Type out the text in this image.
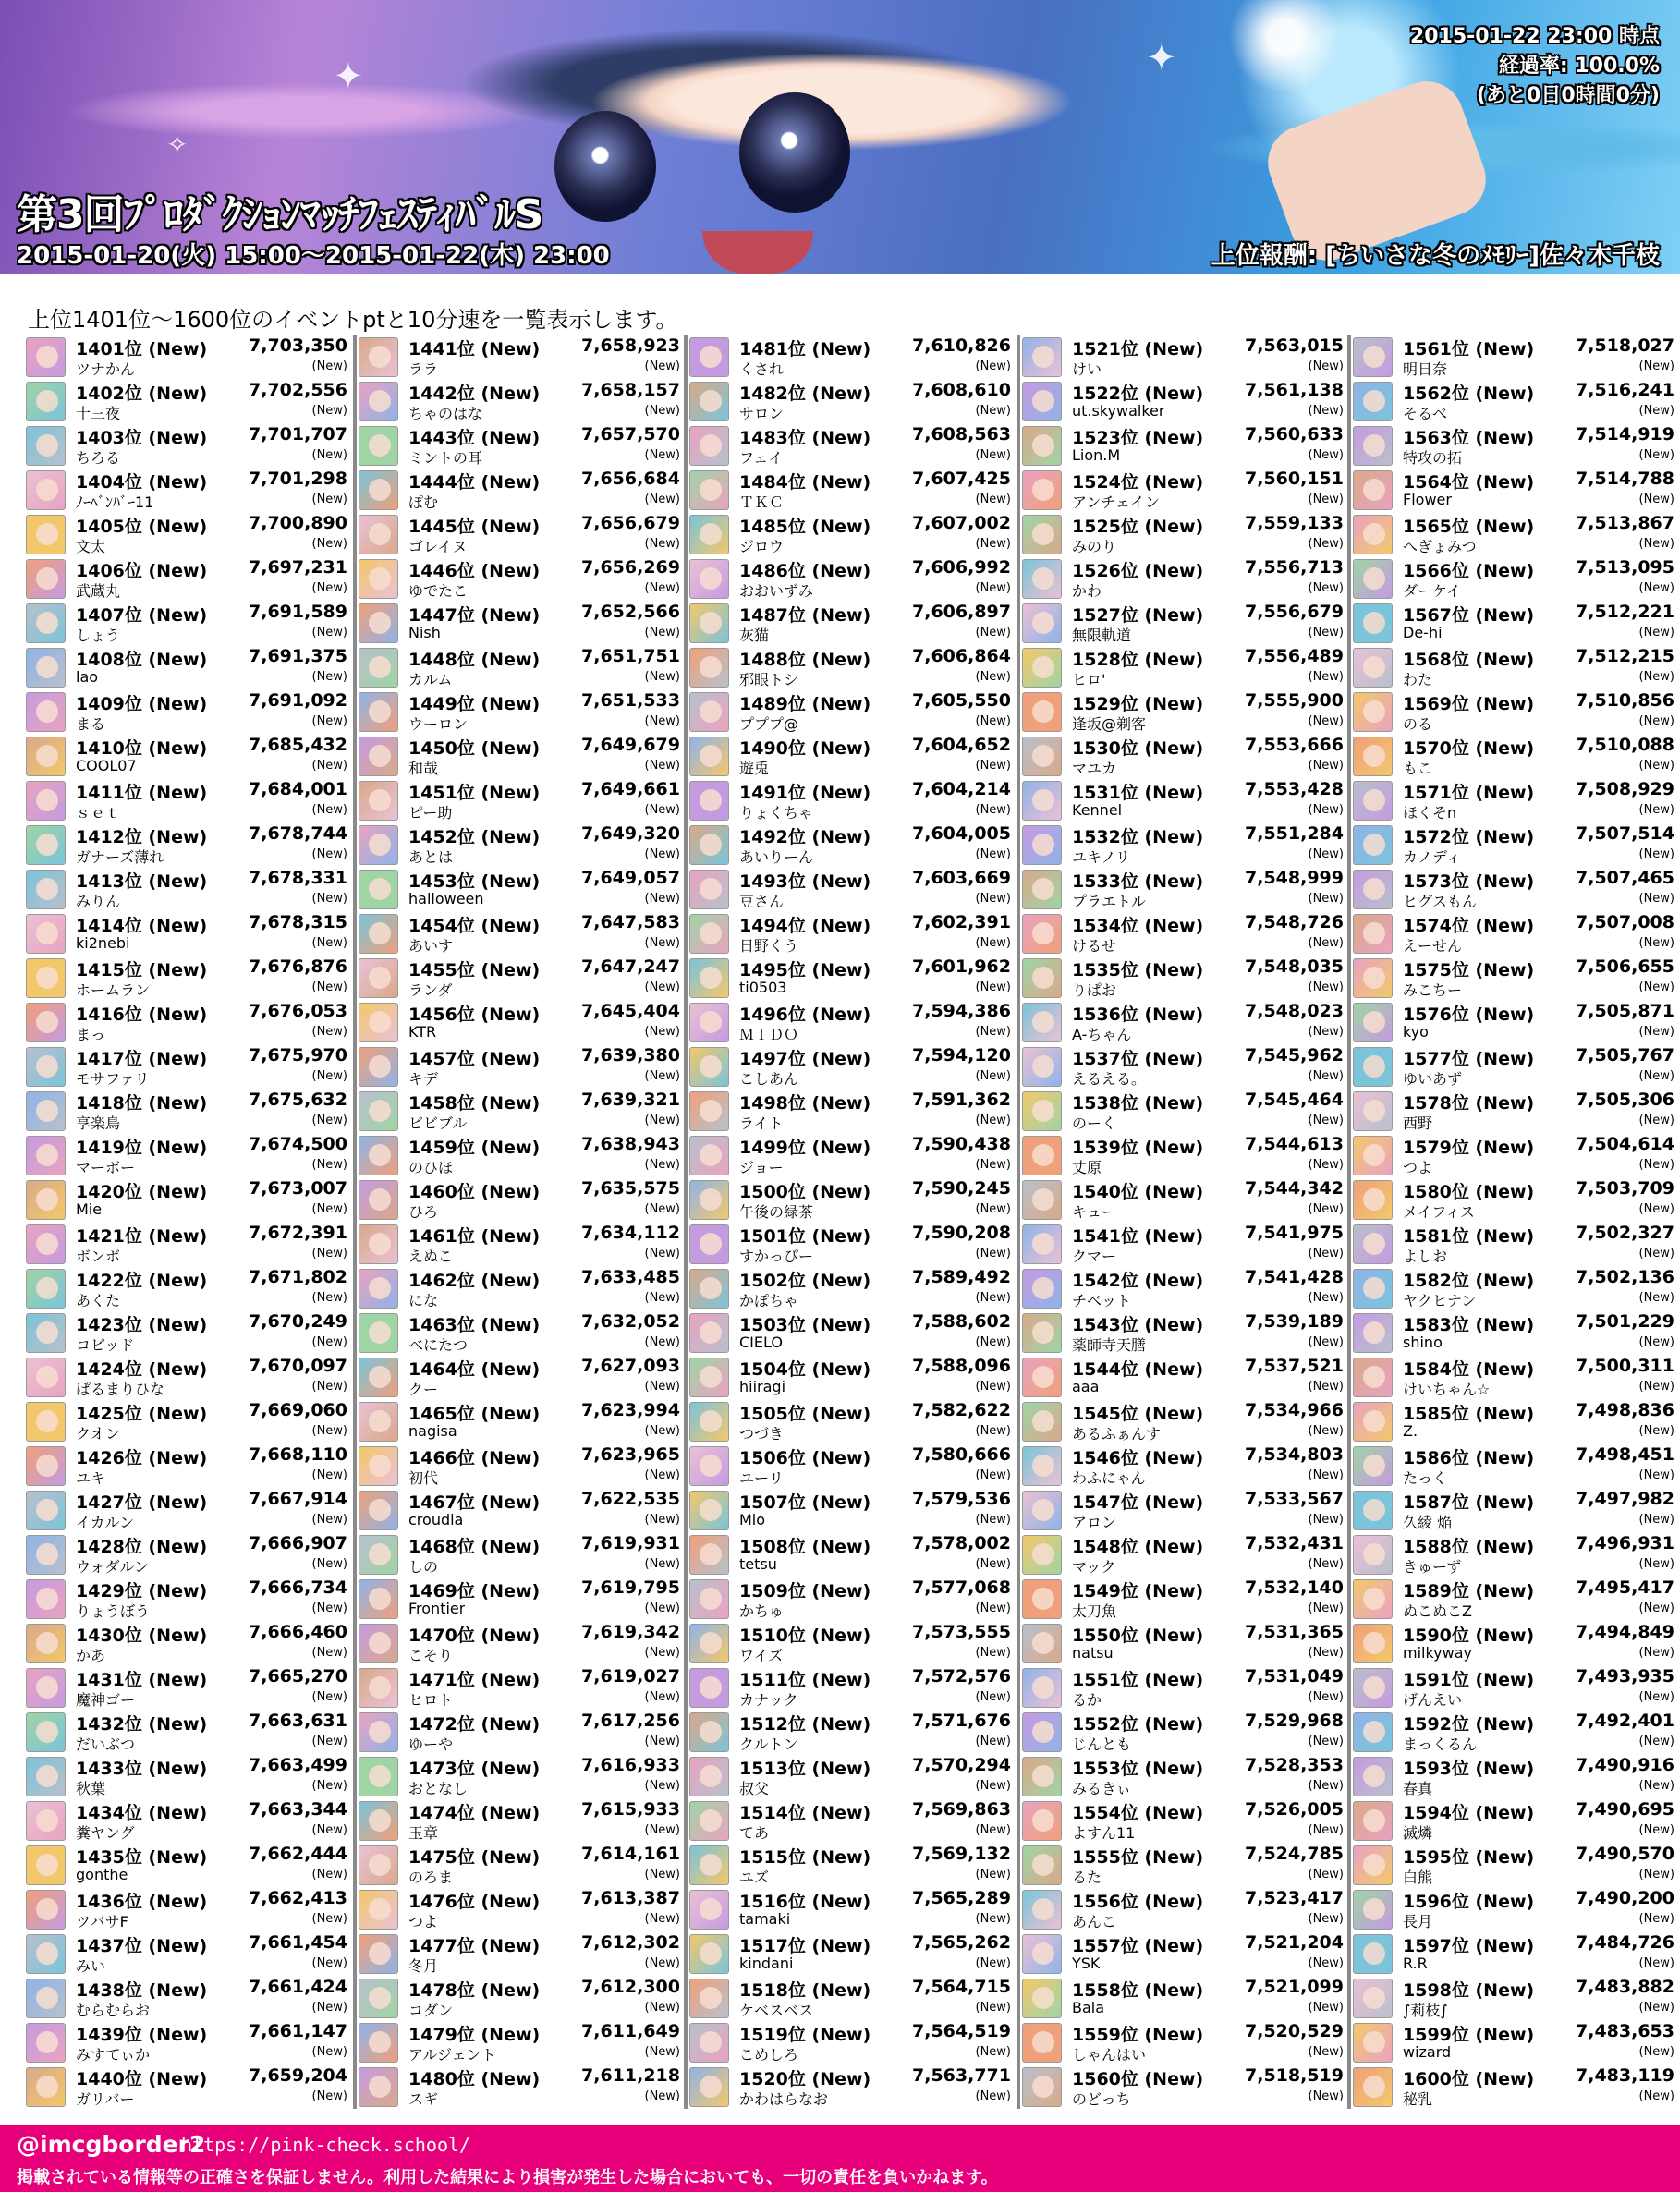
✦
✦
✧
第3回ﾌﾟﾛﾀﾞｸｼｮﾝﾏｯﾁﾌｪｽﾃｨﾊﾞﾙS
2015-01-20(火) 15:00～2015-01-22(木) 23:00
2015-01-22 23:00 時点
経過率: 100.0%
(あと0日0時間0分)
上位報酬: [ちいさな冬のﾒﾓﾘｰ]佐々木千枝
上位1401位～1600位のイベントptと10分速を一覧表示します。
1401位 (New) 7,703,350
ツナかん	(New)
1402位 (New) 7,702,556
十三夜	(New)
1403位 (New) 7,701,707
ちろる	(New)
1404位 (New) 7,701,298
ﾉｰﾍﾞﾝﾊﾞｰ11	(New)
1405位 (New) 7,700,890
文太	(New)
1406位 (New) 7,697,231
武蔵丸	(New)
1407位 (New) 7,691,589
しょう	(New)
1408位 (New) 7,691,375
lao	(New)
1409位 (New) 7,691,092
まる	(New)
1410位 (New) 7,685,432
COOL07	(New)
1411位 (New) 7,684,001
ｓｅｔ	(New)
1412位 (New) 7,678,744
ガナーズ薄れ	(New)
1413位 (New) 7,678,331
みりん	(New)
1414位 (New) 7,678,315
ki2nebi	(New)
1415位 (New) 7,676,876
ホームラン	(New)
1416位 (New) 7,676,053
まっ	(New)
1417位 (New) 7,675,970
モサファリ	(New)
1418位 (New) 7,675,632
享楽鳥	(New)
1419位 (New) 7,674,500
マーボー	(New)
1420位 (New) 7,673,007
Mie	(New)
1421位 (New) 7,672,391
ボンボ	(New)
1422位 (New) 7,671,802
あくた	(New)
1423位 (New) 7,670,249
コピッド	(New)
1424位 (New) 7,670,097
ぱるまりひな	(New)
1425位 (New) 7,669,060
クオン	(New)
1426位 (New) 7,668,110
ユキ	(New)
1427位 (New) 7,667,914
イカルン	(New)
1428位 (New) 7,666,907
ウォダルン	(New)
1429位 (New) 7,666,734
りょうぼう	(New)
1430位 (New) 7,666,460
かあ	(New)
1431位 (New) 7,665,270
魔神ゴー	(New)
1432位 (New) 7,663,631
だいぶつ	(New)
1433位 (New) 7,663,499
秋葉	(New)
1434位 (New) 7,663,344
糞ヤング	(New)
1435位 (New) 7,662,444
gonthe	(New)
1436位 (New) 7,662,413
ツバサF	(New)
1437位 (New) 7,661,454
みい	(New)
1438位 (New) 7,661,424
むらむらお	(New)
1439位 (New) 7,661,147
みすてぃか	(New)
1440位 (New) 7,659,204
ガリバー	(New)
1441位 (New) 7,658,923
ララ	(New)
1442位 (New) 7,658,157
ちゃのはな	(New)
1443位 (New) 7,657,570
ミントの耳	(New)
1444位 (New) 7,656,684
ぽむ	(New)
1445位 (New) 7,656,679
ゴレイヌ	(New)
1446位 (New) 7,656,269
ゆでたこ	(New)
1447位 (New) 7,652,566
Nish	(New)
1448位 (New) 7,651,751
カルム	(New)
1449位 (New) 7,651,533
ウーロン	(New)
1450位 (New) 7,649,679
和哉	(New)
1451位 (New) 7,649,661
ピー助	(New)
1452位 (New) 7,649,320
あとは	(New)
1453位 (New) 7,649,057
halloween	(New)
1454位 (New) 7,647,583
あいす	(New)
1455位 (New) 7,647,247
ランダ	(New)
1456位 (New) 7,645,404
KTR	(New)
1457位 (New) 7,639,380
キデ	(New)
1458位 (New) 7,639,321
ビビブル	(New)
1459位 (New) 7,638,943
のひほ	(New)
1460位 (New) 7,635,575
ひろ	(New)
1461位 (New) 7,634,112
えぬこ	(New)
1462位 (New) 7,633,485
にな	(New)
1463位 (New) 7,632,052
べにたつ	(New)
1464位 (New) 7,627,093
クー	(New)
1465位 (New) 7,623,994
nagisa	(New)
1466位 (New) 7,623,965
初代	(New)
1467位 (New) 7,622,535
croudia	(New)
1468位 (New) 7,619,931
しの	(New)
1469位 (New) 7,619,795
Frontier	(New)
1470位 (New) 7,619,342
こそり	(New)
1471位 (New) 7,619,027
ヒロト	(New)
1472位 (New) 7,617,256
ゆーや	(New)
1473位 (New) 7,616,933
おとなし	(New)
1474位 (New) 7,615,933
玉章	(New)
1475位 (New) 7,614,161
のろま	(New)
1476位 (New) 7,613,387
つよ	(New)
1477位 (New) 7,612,302
冬月	(New)
1478位 (New) 7,612,300
コダン	(New)
1479位 (New) 7,611,649
アルジェント	(New)
1480位 (New) 7,611,218
スギ	(New)
1481位 (New) 7,610,826
くされ	(New)
1482位 (New) 7,608,610
サロン	(New)
1483位 (New) 7,608,563
フェイ	(New)
1484位 (New) 7,607,425
ＴＫＣ	(New)
1485位 (New) 7,607,002
ジロウ	(New)
1486位 (New) 7,606,992
おおいずみ	(New)
1487位 (New) 7,606,897
灰猫	(New)
1488位 (New) 7,606,864
邪眼トシ	(New)
1489位 (New) 7,605,550
プププ@	(New)
1490位 (New) 7,604,652
遊兎	(New)
1491位 (New) 7,604,214
りょくちゃ	(New)
1492位 (New) 7,604,005
あいりーん	(New)
1493位 (New) 7,603,669
豆さん	(New)
1494位 (New) 7,602,391
日野くう	(New)
1495位 (New) 7,601,962
ti0503	(New)
1496位 (New) 7,594,386
ＭＩＤＯ	(New)
1497位 (New) 7,594,120
こしあん	(New)
1498位 (New) 7,591,362
ライト	(New)
1499位 (New) 7,590,438
ジョー	(New)
1500位 (New) 7,590,245
午後の緑茶	(New)
1501位 (New) 7,590,208
すかっぴー	(New)
1502位 (New) 7,589,492
かぽちゃ	(New)
1503位 (New) 7,588,602
CIELO	(New)
1504位 (New) 7,588,096
hiiragi	(New)
1505位 (New) 7,582,622
つづき	(New)
1506位 (New) 7,580,666
ユーリ	(New)
1507位 (New) 7,579,536
Mio	(New)
1508位 (New) 7,578,002
tetsu	(New)
1509位 (New) 7,577,068
かちゅ	(New)
1510位 (New) 7,573,555
ワイズ	(New)
1511位 (New) 7,572,576
カナック	(New)
1512位 (New) 7,571,676
クルトン	(New)
1513位 (New) 7,570,294
叔父	(New)
1514位 (New) 7,569,863
てあ	(New)
1515位 (New) 7,569,132
ユズ	(New)
1516位 (New) 7,565,289
tamaki	(New)
1517位 (New) 7,565,262
kindani	(New)
1518位 (New) 7,564,715
ケベスベス	(New)
1519位 (New) 7,564,519
こめしろ	(New)
1520位 (New) 7,563,771
かわはらなお	(New)
1521位 (New) 7,563,015
けい	(New)
1522位 (New) 7,561,138
ut.skywalker	(New)
1523位 (New) 7,560,633
Lion.M	(New)
1524位 (New) 7,560,151
アンチェイン	(New)
1525位 (New) 7,559,133
みのり	(New)
1526位 (New) 7,556,713
かわ	(New)
1527位 (New) 7,556,679
無限軌道	(New)
1528位 (New) 7,556,489
ヒロ'	(New)
1529位 (New) 7,555,900
逢坂@剃客	(New)
1530位 (New) 7,553,666
マユカ	(New)
1531位 (New) 7,553,428
Kennel	(New)
1532位 (New) 7,551,284
ユキノリ	(New)
1533位 (New) 7,548,999
プラエトル	(New)
1534位 (New) 7,548,726
けるせ	(New)
1535位 (New) 7,548,035
りぱお	(New)
1536位 (New) 7,548,023
A-ちゃん	(New)
1537位 (New) 7,545,962
えるえる。	(New)
1538位 (New) 7,545,464
のーく	(New)
1539位 (New) 7,544,613
丈原	(New)
1540位 (New) 7,544,342
キュー	(New)
1541位 (New) 7,541,975
クマー	(New)
1542位 (New) 7,541,428
チベット	(New)
1543位 (New) 7,539,189
薬師寺天膳	(New)
1544位 (New) 7,537,521
aaa	(New)
1545位 (New) 7,534,966
あるふぁんす	(New)
1546位 (New) 7,534,803
わふにゃん	(New)
1547位 (New) 7,533,567
アロン	(New)
1548位 (New) 7,532,431
マック	(New)
1549位 (New) 7,532,140
太刀魚	(New)
1550位 (New) 7,531,365
natsu	(New)
1551位 (New) 7,531,049
るか	(New)
1552位 (New) 7,529,968
じんとも	(New)
1553位 (New) 7,528,353
みるきぃ	(New)
1554位 (New) 7,526,005
よすん11	(New)
1555位 (New) 7,524,785
るた	(New)
1556位 (New) 7,523,417
あんこ	(New)
1557位 (New) 7,521,204
YSK	(New)
1558位 (New) 7,521,099
Bala	(New)
1559位 (New) 7,520,529
しゃんはい	(New)
1560位 (New) 7,518,519
のどっち	(New)
1561位 (New) 7,518,027
明日奈	(New)
1562位 (New) 7,516,241
そるべ	(New)
1563位 (New) 7,514,919
特攻の拓	(New)
1564位 (New) 7,514,788
Flower	(New)
1565位 (New) 7,513,867
へぎょみつ	(New)
1566位 (New) 7,513,095
ダーケイ	(New)
1567位 (New) 7,512,221
De-hi	(New)
1568位 (New) 7,512,215
わた	(New)
1569位 (New) 7,510,856
のる	(New)
1570位 (New) 7,510,088
もこ	(New)
1571位 (New) 7,508,929
ほくそn	(New)
1572位 (New) 7,507,514
カノディ	(New)
1573位 (New) 7,507,465
ヒグスもん	(New)
1574位 (New) 7,507,008
えーせん	(New)
1575位 (New) 7,506,655
みこちー	(New)
1576位 (New) 7,505,871
kyo	(New)
1577位 (New) 7,505,767
ゆいあず	(New)
1578位 (New) 7,505,306
西野	(New)
1579位 (New) 7,504,614
つよ	(New)
1580位 (New) 7,503,709
メイフィス	(New)
1581位 (New) 7,502,327
よしお	(New)
1582位 (New) 7,502,136
ヤクヒナン	(New)
1583位 (New) 7,501,229
shino	(New)
1584位 (New) 7,500,311
けいちゃん☆	(New)
1585位 (New) 7,498,836
Z.	(New)
1586位 (New) 7,498,451
たっく	(New)
1587位 (New) 7,497,982
久綾 焔	(New)
1588位 (New) 7,496,931
きゅーず	(New)
1589位 (New) 7,495,417
ぬこぬこZ	(New)
1590位 (New) 7,494,849
milkyway	(New)
1591位 (New) 7,493,935
げんえい	(New)
1592位 (New) 7,492,401
まっくるん	(New)
1593位 (New) 7,490,916
春真	(New)
1594位 (New) 7,490,695
滅燐	(New)
1595位 (New) 7,490,570
白熊	(New)
1596位 (New) 7,490,200
長月	(New)
1597位 (New) 7,484,726
R.R	(New)
1598位 (New) 7,483,882
∫莉枝∫	(New)
1599位 (New) 7,483,653
wizard	(New)
1600位 (New) 7,483,119
秘乳	(New)
@imcgborder2
https://pink-check.school/
掲載されている情報等の正確さを保証しません。利用した結果により損害が発生した場合においても、一切の責任を負いかねます。
